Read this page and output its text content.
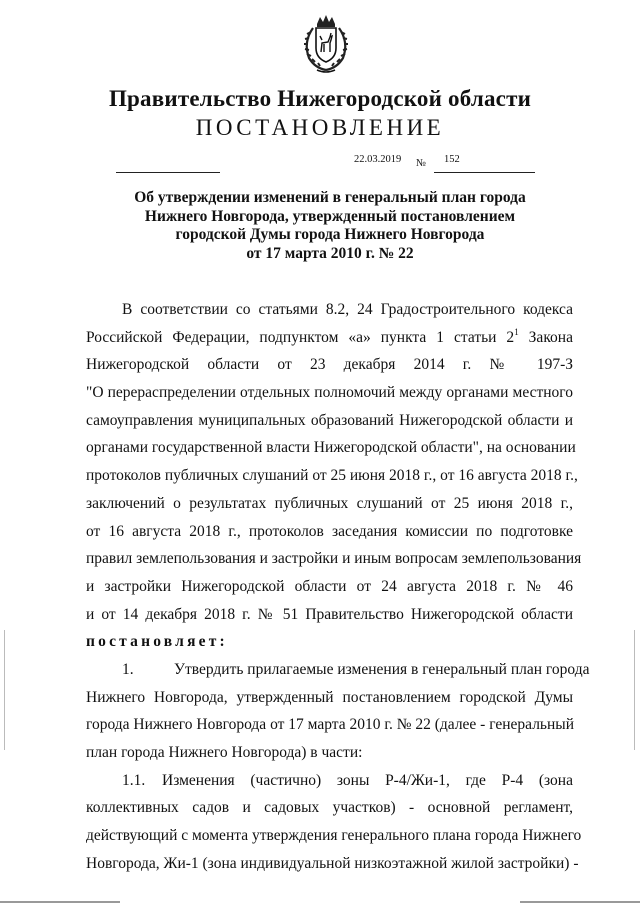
Правительство Нижегородской области
ПОСТАНОВЛЕНИЕ
22.03.2019 № 152
Об утверждении изменений в генеральный план города
Нижнего Новгорода, утвержденный постановлением
городской Думы города Нижнего Новгорода
от 17 марта 2010 г. № 22
В соответствии со статьями 8.2, 24 Градостроительного кодекса
Российской Федерации, подпунктом «а» пункта 1 статьи $2^1$ Закона
Нижегородской области от 23 декабря 2014 г. № 197-З
"О перераспределении отдельных полномочий между органами местного
самоуправления муниципальных образований Нижегородской области и
органами государственной власти Нижегородской области", на основании
протоколов публичных слушаний от 25 июня 2018 г., от 16 августа 2018 г.,
заключений о результатах публичных слушаний от 25 июня 2018 г.,
от 16 августа 2018 г., протоколов заседания комиссии по подготовке
правил землепользования и застройки и иным вопросам землепользования
и застройки Нижегородской области от 24 августа 2018 г. № 46
и от 14 декабря 2018 г. № 51 Правительство Нижегородской области
постановляет:
1.	Утвердить прилагаемые изменения в генеральный план города
Нижнего Новгорода, утвержденный постановлением городской Думы
города Нижнего Новгорода от 17 марта 2010 г. № 22 (далее - генеральный
план города Нижнего Новгорода) в части:
1.1. Изменения (частично) зоны Р-4/Жи-1, где Р-4 (зона
коллективных садов и садовых участков) - основной регламент,
действующий с момента утверждения генерального плана города Нижнего
Новгорода, Жи-1 (зона индивидуальной низкоэтажной жилой застройки) -
